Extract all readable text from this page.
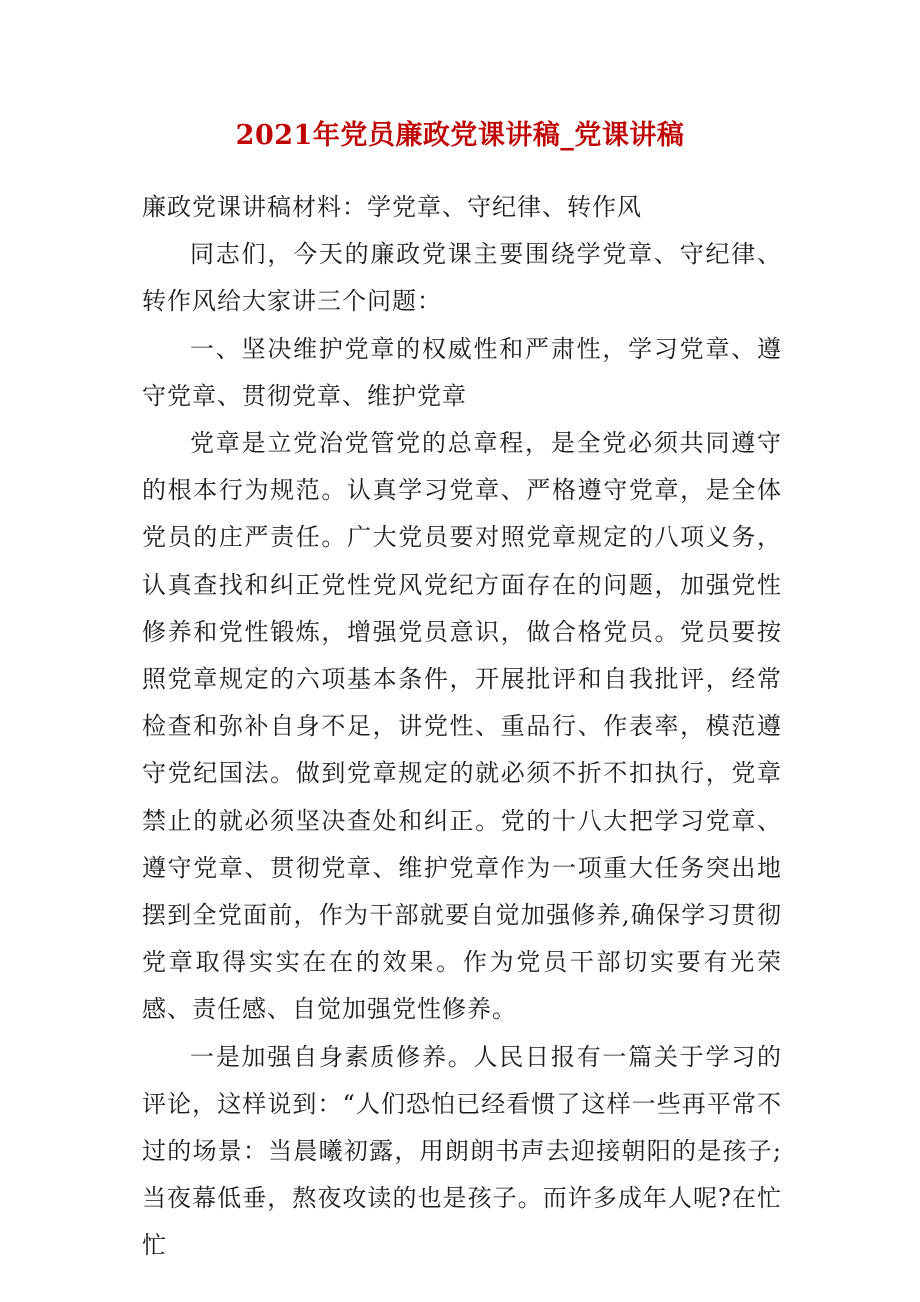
2021年党员廉政党课讲稿_党课讲稿

廉政党课讲稿材料：学党章、守纪律、转作风

同志们，今天的廉政党课主要围绕学党章、守纪律、转作风给大家讲三个问题：

一、坚决维护党章的权威性和严肃性，学习党章、遵守党章、贯彻党章、维护党章

党章是立党治党管党的总章程，是全党必须共同遵守的根本行为规范。认真学习党章、严格遵守党章，是全体党员的庄严责任。广大党员要对照党章规定的八项义务，认真查找和纠正党性党风党纪方面存在的问题，加强党性修养和党性锻炼，增强党员意识，做合格党员。党员要按照党章规定的六项基本条件，开展批评和自我批评，经常检查和弥补自身不足，讲党性、重品行、作表率，模范遵守党纪国法。做到党章规定的就必须不折不扣执行，党章禁止的就必须坚决查处和纠正。党的十八大把学习党章、遵守党章、贯彻党章、维护党章作为一项重大任务突出地摆到全党面前，作为干部就要自觉加强修养,确保学习贯彻党章取得实实在在的效果。作为党员干部切实要有光荣感、责任感、自觉加强党性修养。

一是加强自身素质修养。人民日报有一篇关于学习的评论，这样说到：“人们恐怕已经看惯了这样一些再平常不过的场景：当晨曦初露，用朗朗书声去迎接朝阳的是孩子;当夜幕低垂，熬夜攻读的也是孩子。而许多成年人呢?在忙忙
